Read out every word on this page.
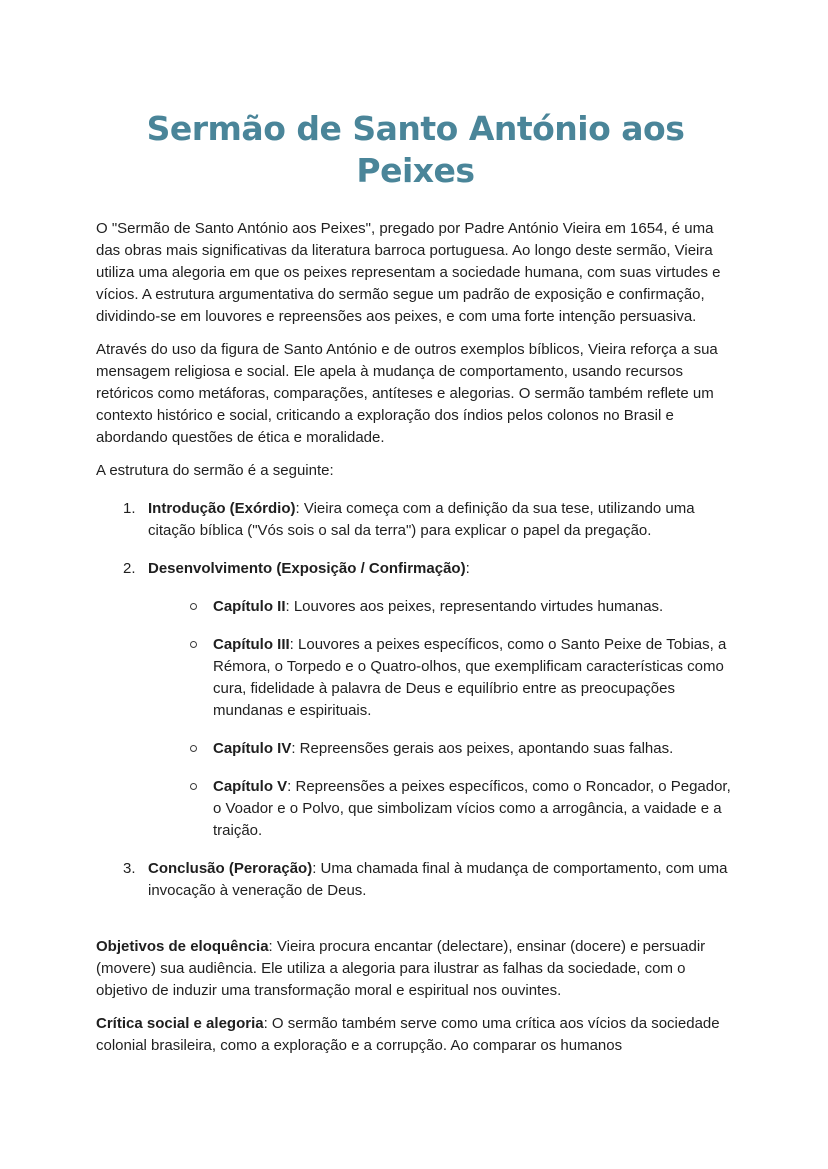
Sermão de Santo António aos Peixes

O "Sermão de Santo António aos Peixes", pregado por Padre António Vieira em 1654, é uma das obras mais significativas da literatura barroca portuguesa. Ao longo deste sermão, Vieira utiliza uma alegoria em que os peixes representam a sociedade humana, com suas virtudes e vícios. A estrutura argumentativa do sermão segue um padrão de exposição e confirmação, dividindo-se em louvores e repreensões aos peixes, e com uma forte intenção persuasiva.

Através do uso da figura de Santo António e de outros exemplos bíblicos, Vieira reforça a sua mensagem religiosa e social. Ele apela à mudança de comportamento, usando recursos retóricos como metáforas, comparações, antíteses e alegorias. O sermão também reflete um contexto histórico e social, criticando a exploração dos índios pelos colonos no Brasil e abordando questões de ética e moralidade.

A estrutura do sermão é a seguinte:

1. Introdução (Exórdio): Vieira começa com a definição da sua tese, utilizando uma citação bíblica ("Vós sois o sal da terra") para explicar o papel da pregação.
2. Desenvolvimento (Exposição / Confirmação):
Capítulo II: Louvores aos peixes, representando virtudes humanas.
Capítulo III: Louvores a peixes específicos, como o Santo Peixe de Tobias, a Rémora, o Torpedo e o Quatro-olhos, que exemplificam características como cura, fidelidade à palavra de Deus e equilíbrio entre as preocupações mundanas e espirituais.
Capítulo IV: Repreensões gerais aos peixes, apontando suas falhas.
Capítulo V: Repreensões a peixes específicos, como o Roncador, o Pegador, o Voador e o Polvo, que simbolizam vícios como a arrogância, a vaidade e a traição.
3. Conclusão (Peroração): Uma chamada final à mudança de comportamento, com uma invocação à veneração de Deus.

Objetivos de eloquência: Vieira procura encantar (delectare), ensinar (docere) e persuadir (movere) sua audiência. Ele utiliza a alegoria para ilustrar as falhas da sociedade, com o objetivo de induzir uma transformação moral e espiritual nos ouvintes.

Crítica social e alegoria: O sermão também serve como uma crítica aos vícios da sociedade colonial brasileira, como a exploração e a corrupção. Ao comparar os humanos
